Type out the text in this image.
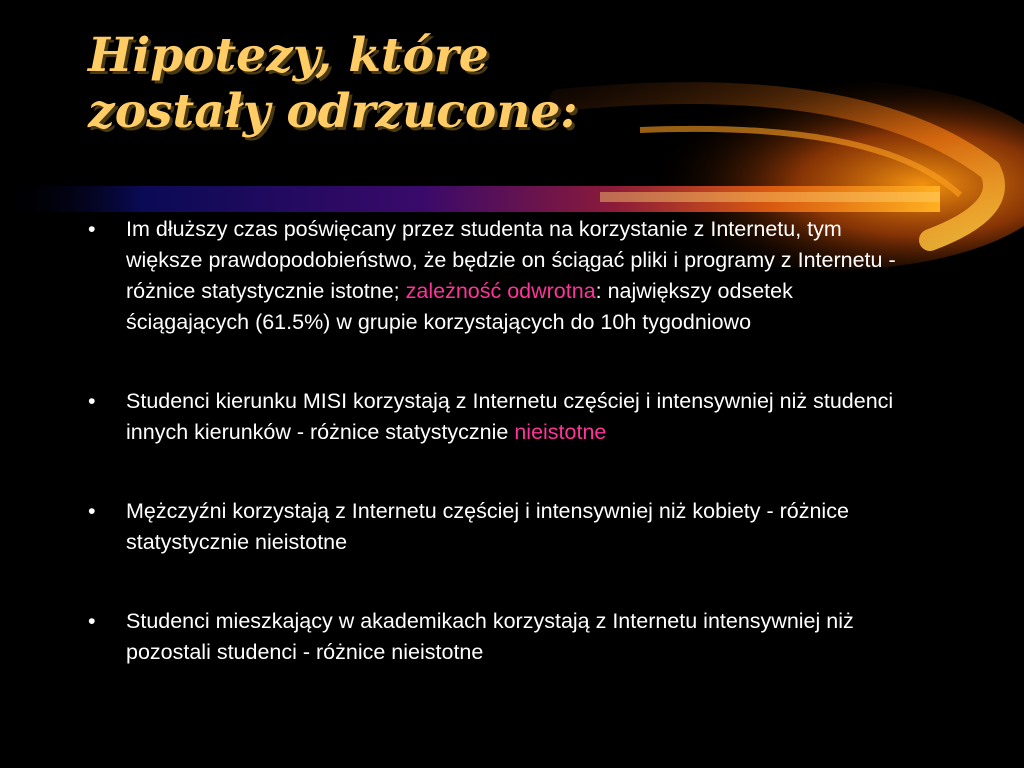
Hipotezy, które zostały odrzucone:
• Im dłuższy czas poświęcany przez studenta na korzystanie z Internetu, tym większe prawdopodobieństwo, że będzie on ściągać pliki i programy z Internetu - różnice statystycznie istotne; zależność odwrotna: największy odsetek ściągających (61.5%) w grupie korzystających do 10h tygodniowo
• Studenci kierunku MISI korzystają z Internetu częściej i intensywniej niż studenci innych kierunków - różnice statystycznie nieistotne
• Mężczyźni korzystają z Internetu częściej i intensywniej niż kobiety - różnice statystycznie nieistotne
• Studenci mieszkający w akademikach korzystają z Internetu intensywniej niż pozostali studenci - różnice nieistotne
